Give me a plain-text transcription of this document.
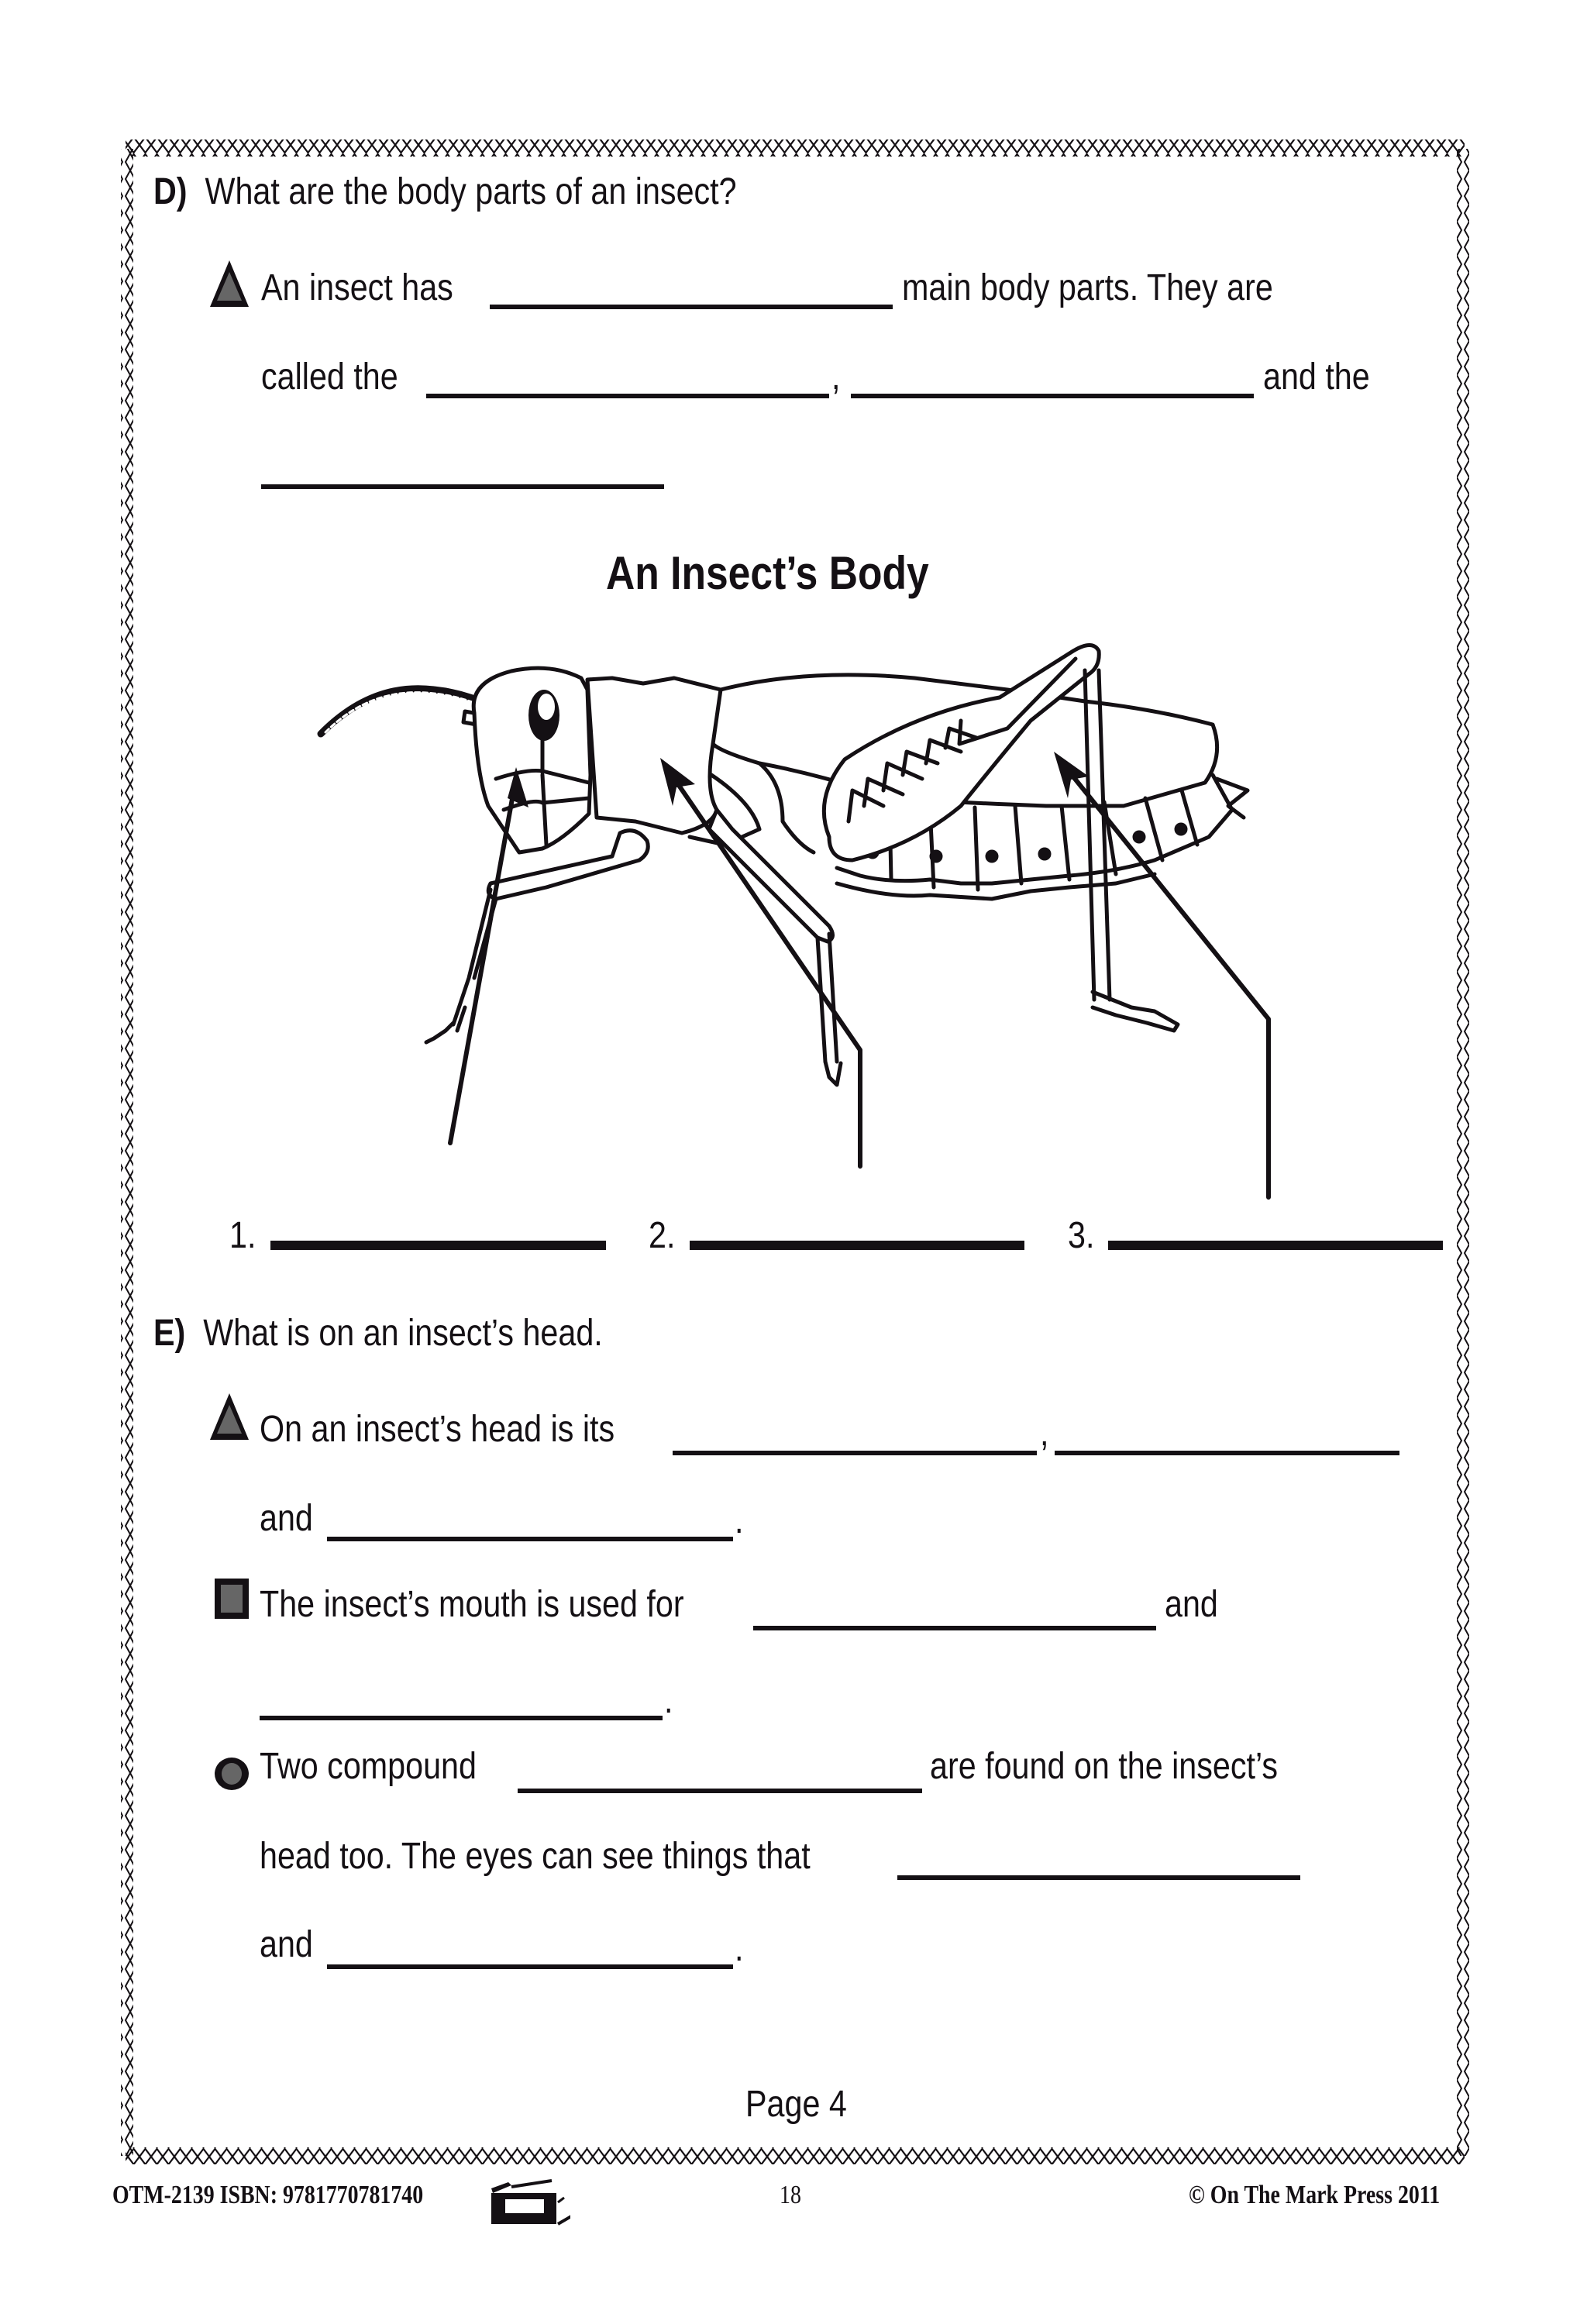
D) What are the body parts of an insect?
An insect has	main body parts. They are
called the	,	and the
An Insect’s Body
1.	2.	3.
E) What is on an insect’s head.
On an insect’s head is its	,
and	.
The insect’s mouth is used for	and
.
Two compound	are found on the insect’s
head too. The eyes can see things that
and	.
Page 4
OTM-2139 ISBN: 9781770781740	18	© On The Mark Press 2011
